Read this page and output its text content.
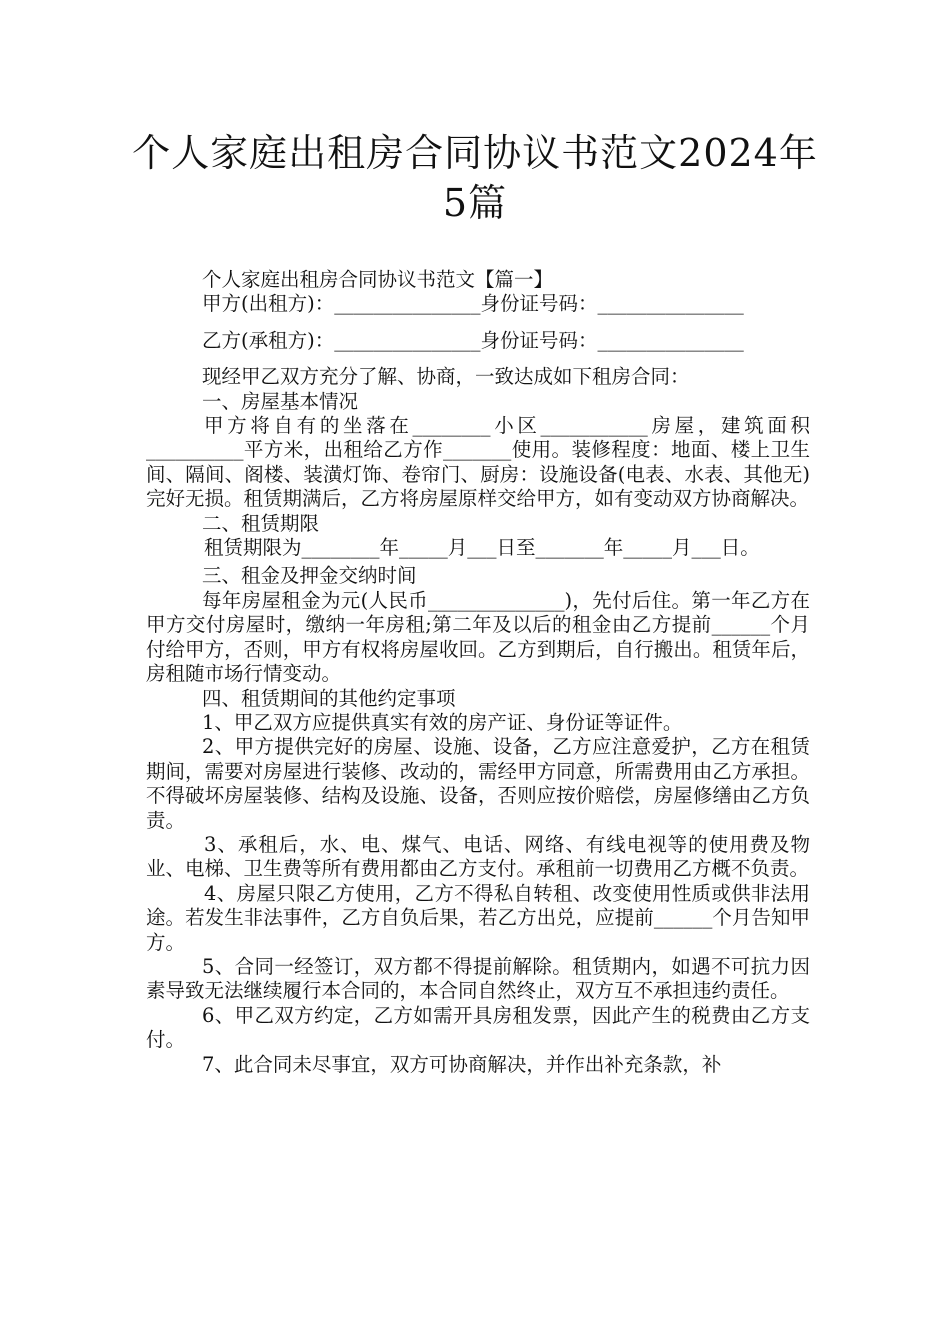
个人家庭出租房合同协议书范文2024年5篇

个人家庭出租房合同协议书范文【篇一】

甲方(出租方)：_______________身份证号码：_______________

乙方(承租方)：_______________身份证号码：_______________

现经甲乙双方充分了解、协商，一致达成如下租房合同：

一、房屋基本情况

甲方将自有的坐落在________小区___________房屋，建筑面积__________平方米，出租给乙方作_______使用。装修程度：地面、楼上卫生间、隔间、阁楼、装潢灯饰、卷帘门、厨房：设施设备(电表、水表、其他无)完好无损。租赁期满后，乙方将房屋原样交给甲方，如有变动双方协商解决。

二、租赁期限

租赁期限为________年_____月___日至_______年_____月___日。

三、租金及押金交纳时间

每年房屋租金为元(人民币______________)，先付后住。第一年乙方在甲方交付房屋时，缴纳一年房租;第二年及以后的租金由乙方提前______个月付给甲方，否则，甲方有权将房屋收回。乙方到期后，自行搬出。租赁年后，房租随市场行情变动。

四、租赁期间的其他约定事项

1、甲乙双方应提供真实有效的房产证、身份证等证件。

2、甲方提供完好的房屋、设施、设备，乙方应注意爱护，乙方在租赁期间，需要对房屋进行装修、改动的，需经甲方同意，所需费用由乙方承担。不得破坏房屋装修、结构及设施、设备，否则应按价赔偿，房屋修缮由乙方负责。

3、承租后，水、电、煤气、电话、网络、有线电视等的使用费及物业、电梯、卫生费等所有费用都由乙方支付。承租前一切费用乙方概不负责。

4、房屋只限乙方使用，乙方不得私自转租、改变使用性质或供非法用途。若发生非法事件，乙方自负后果，若乙方出兑，应提前______个月告知甲方。

5、合同一经签订，双方都不得提前解除。租赁期内，如遇不可抗力因素导致无法继续履行本合同的，本合同自然终止，双方互不承担违约责任。

6、甲乙双方约定，乙方如需开具房租发票，因此产生的税费由乙方支付。

7、此合同未尽事宜，双方可协商解决，并作出补充条款，补
